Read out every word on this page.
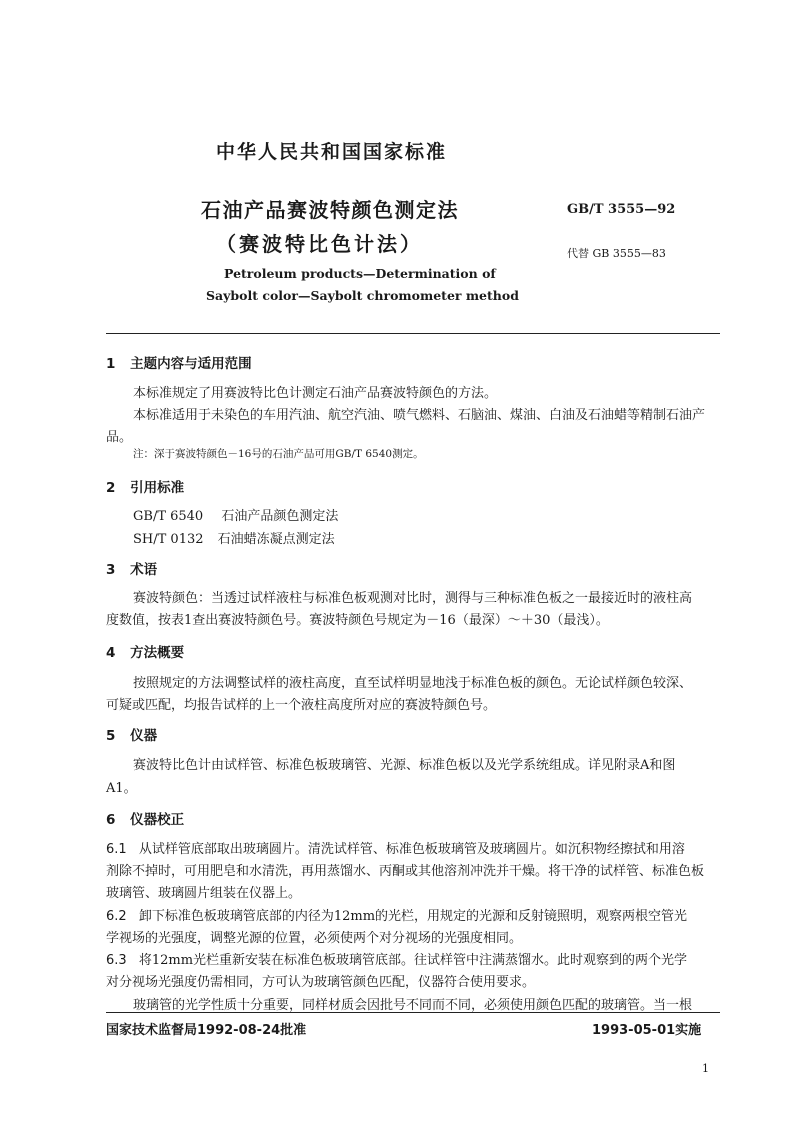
中华人民共和国国家标准
石油产品赛波特颜色测定法
（赛波特比色计法）
GB/T 3555—92
代替 GB 3555—83
Petroleum products—Determination of
Saybolt color—Saybolt chromometer method
1 主题内容与适用范围
本标准规定了用赛波特比色计测定石油产品赛波特颜色的方法。
本标准适用于未染色的车用汽油、航空汽油、喷气燃料、石脑油、煤油、白油及石油蜡等精制石油产
品。
注：深于赛波特颜色－16号的石油产品可用GB/T 6540测定。
2 引用标准
GB/T 6540 石油产品颜色测定法
SH/T 0132 石油蜡冻凝点测定法
3 术语
赛波特颜色：当透过试样液柱与标准色板观测对比时，测得与三种标准色板之一最接近时的液柱高
度数值，按表1查出赛波特颜色号。赛波特颜色号规定为－16（最深）～＋30（最浅）。
4 方法概要
按照规定的方法调整试样的液柱高度，直至试样明显地浅于标准色板的颜色。无论试样颜色较深、
可疑或匹配，均报告试样的上一个液柱高度所对应的赛波特颜色号。
5 仪器
赛波特比色计由试样管、标准色板玻璃管、光源、标准色板以及光学系统组成。详见附录A和图
A1。
6 仪器校正
6.1 从试样管底部取出玻璃圆片。清洗试样管、标准色板玻璃管及玻璃圆片。如沉积物经擦拭和用溶
剂除不掉时，可用肥皂和水清洗，再用蒸馏水、丙酮或其他溶剂冲洗并干燥。将干净的试样管、标准色板
玻璃管、玻璃圆片组装在仪器上。
6.2 卸下标准色板玻璃管底部的内径为12mm的光栏，用规定的光源和反射镜照明，观察两根空管光
学视场的光强度，调整光源的位置，必须使两个对分视场的光强度相同。
6.3 将12mm光栏重新安装在标准色板玻璃管底部。往试样管中注满蒸馏水。此时观察到的两个光学
对分视场光强度仍需相同，方可认为玻璃管颜色匹配，仪器符合使用要求。
玻璃管的光学性质十分重要，同样材质会因批号不同而不同，必须使用颜色匹配的玻璃管。当一根
国家技术监督局1992-08-24批准	1993-05-01实施
1
